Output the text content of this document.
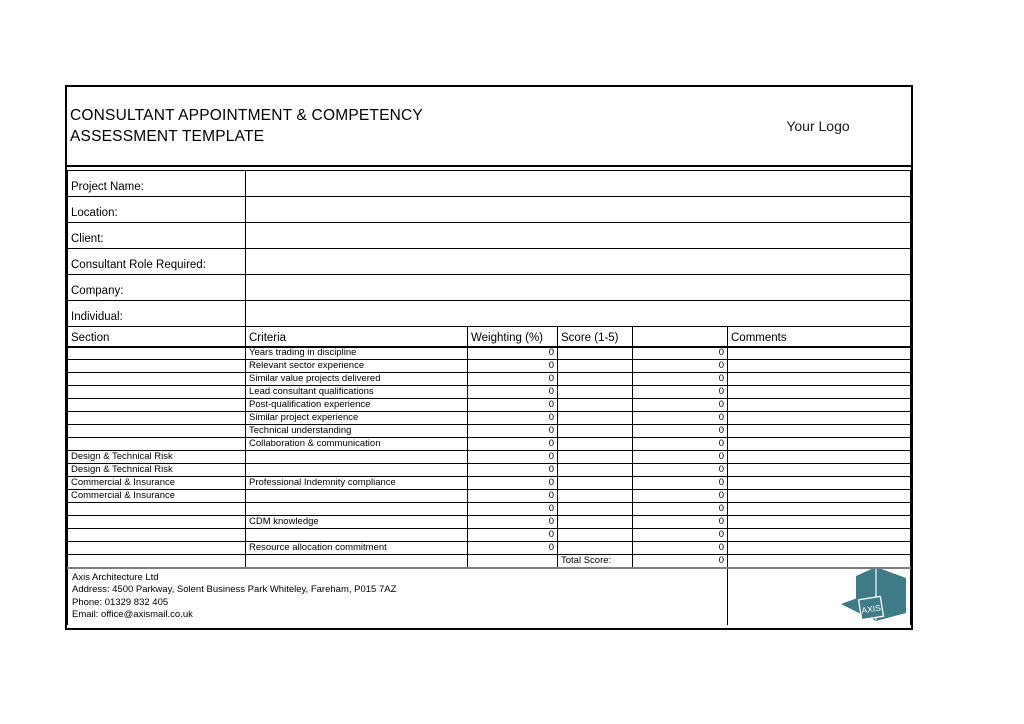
CONSULTANT APPOINTMENT & COMPETENCY ASSESSMENT TEMPLATE
Your Logo
Project Name:					
Location:					
Client:					
Consultant Role Required:					
Company:					
Individual:					
Section	Criteria	Weighting (%)	Score (1-5)		Comments
	Years trading in discipline	0		0	
	Relevant sector experience	0		0	
	Similar value projects delivered	0		0	
	Lead consultant qualifications	0		0	
	Post-qualification experience	0		0	
	Similar project experience	0		0	
	Technical understanding	0		0	
	Collaboration & communication	0		0	
Design & Technical Risk		0		0	
Design & Technical Risk		0		0	
Commercial & Insurance	Professional Indemnity compliance	0		0	
Commercial & Insurance		0		0	
		0		0	
	CDM knowledge	0		0	
		0		0	
	Resource allocation commitment	0		0	
			Total Score:	0	

Axis Architecture Ltd
Address: 4500 Parkway, Solent Business Park Whiteley, Fareham, P015 7AZ
Phone: 01329 832 405
Email: office@axismail.co.uk					AXIS
